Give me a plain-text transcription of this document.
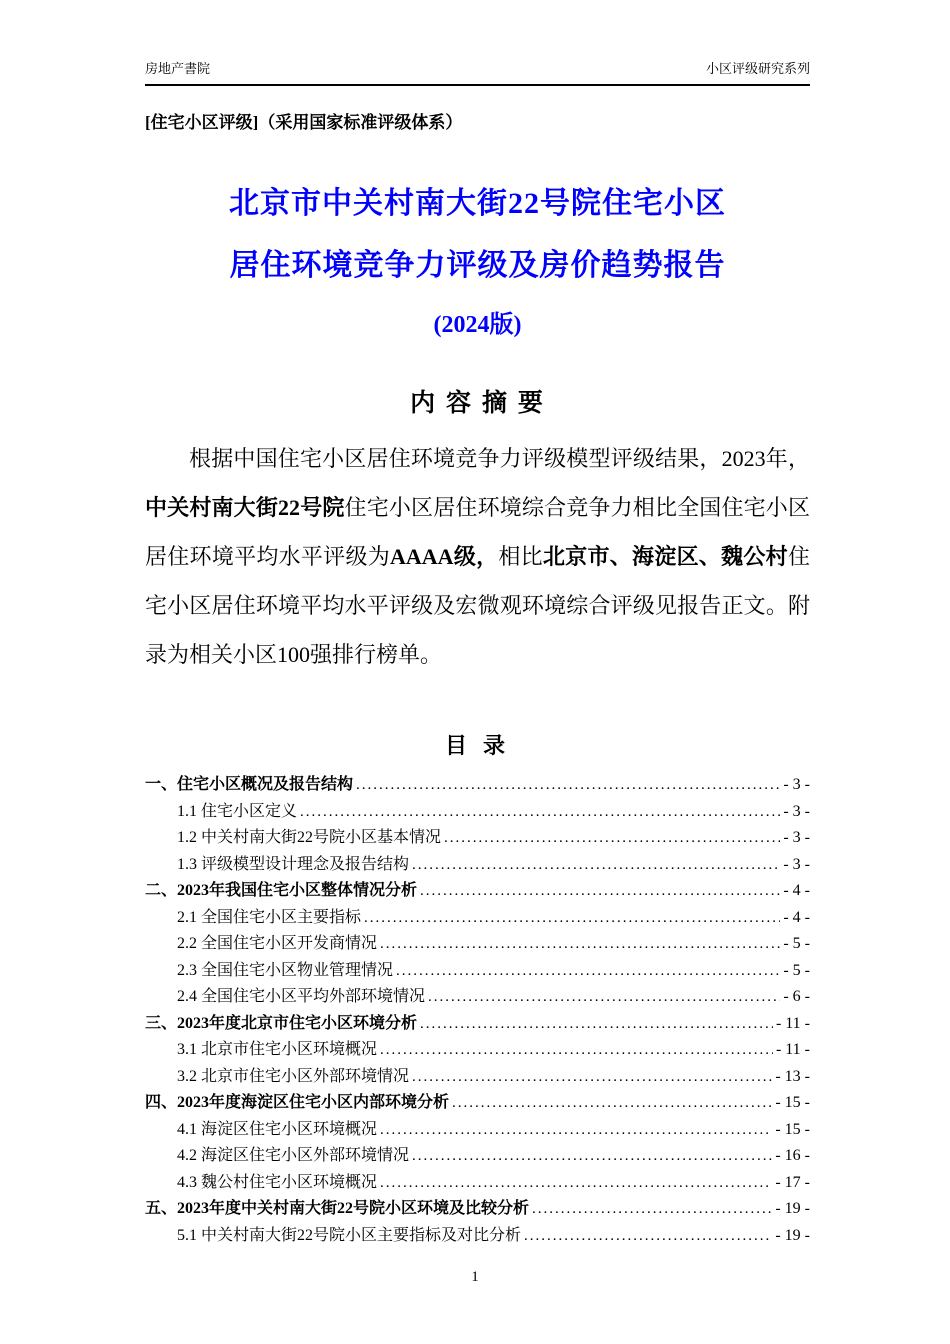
房地产書院	小区评级研究系列
[住宅小区评级]（采用国家标准评级体系）
北京市中关村南大街22号院住宅小区
居住环境竞争力评级及房价趋势报告
(2024版)
内 容 摘 要

根据中国住宅小区居住环境竞争力评级模型评级结果，2023年，中关村南大街22号院住宅小区居住环境综合竞争力相比全国住宅小区居住环境平均水平评级为AAAA级，相比北京市、海淀区、魏公村住宅小区居住环境平均水平评级及宏微观环境综合评级见报告正文。附录为相关小区100强排行榜单。

目 录
一、住宅小区概况及报告结构 .....	- 3 -
1.1 住宅小区定义 .....	- 3 -
1.2 中关村南大街22号院小区基本情况 .....	- 3 -
1.3 评级模型设计理念及报告结构 .....	- 3 -
二、2023年我国住宅小区整体情况分析 .....	- 4 -
2.1 全国住宅小区主要指标 .....	- 4 -
2.2 全国住宅小区开发商情况 .....	- 5 -
2.3 全国住宅小区物业管理情况 .....	- 5 -
2.4 全国住宅小区平均外部环境情况 .....	- 6 -
三、2023年度北京市住宅小区环境分析 .....	- 11 -
3.1 北京市住宅小区环境概况 .....	- 11 -
3.2 北京市住宅小区外部环境情况 .....	- 13 -
四、2023年度海淀区住宅小区内部环境分析 .....	- 15 -
4.1 海淀区住宅小区环境概况 .....	- 15 -
4.2 海淀区住宅小区外部环境情况 .....	- 16 -
4.3 魏公村住宅小区环境概况 .....	- 17 -
五、2023年度中关村南大街22号院小区环境及比较分析 .....	- 19 -
5.1 中关村南大街22号院小区主要指标及对比分析 .....	- 19 -
1
